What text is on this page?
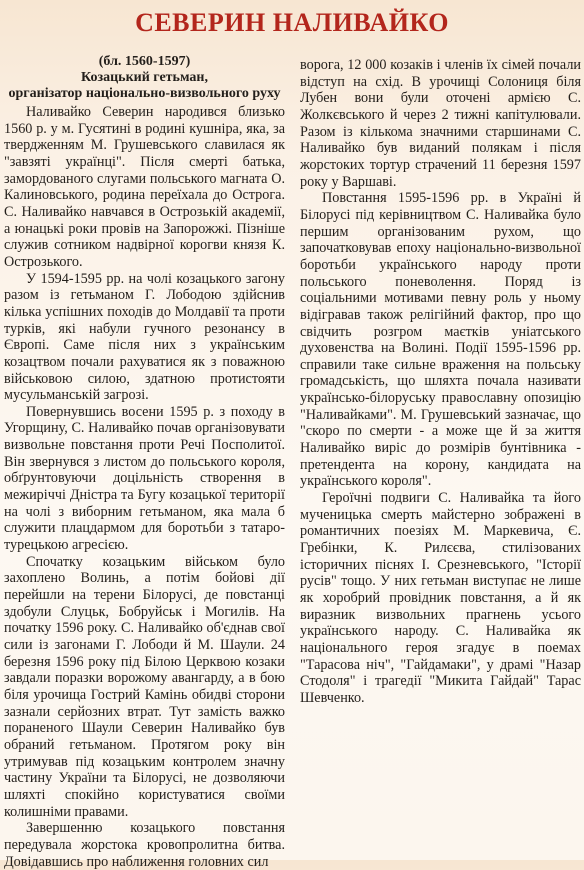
СЕВЕРИН НАЛИВАЙКО
(бл. 1560-1597)
Козацький гетьман,
організатор національно-визвольного руху

Наливайко Северин народився близько 1560 р. у м. Гусятині в родині кушніра, яка, за твердженням М. Грушевського славилася як "завзяті українці". Після смерті батька, замордованого слугами польського магната О. Калиновського, родина переїхала до Острога. С. Наливайко навчався в Острозькій академії, а юнацькі роки провів на Запорожжі. Пізніше служив сотником надвірної корогви князя К. Острозького.

У 1594-1595 рр. на чолі козацького загону разом із гетьманом Г. Лободою здійснив кілька успішних походів до Молдавії та проти турків, які набули гучного резонансу в Європі. Саме після них з українським козацтвом почали рахуватися як з поважною військовою силою, здатною протистояти мусульманській загрозі.

Повернувшись восени 1595 р. з походу в Угорщину, С. Наливайко почав організовувати визвольне повстання проти Речі Посполитої. Він звернувся з листом до польського короля, обґрунтовуючи доцільність створення в межиріччі Дністра та Бугу козацької території на чолі з виборним гетьманом, яка мала б служити плацдармом для боротьби з татаро-турецькою агресією.

Спочатку козацьким військом було захоплено Волинь, а потім бойові дії перейшли на терени Білорусі, де повстанці здобули Слуцьк, Бобруйськ і Могилів. На початку 1596 року. С. Наливайко об'єднав свої сили із загонами Г. Лободи й М. Шаули. 24 березня 1596 року під Білою Церквою козаки завдали поразки ворожому авангарду, а в бою біля урочища Гострий Камінь обидві сторони зазнали серйозних втрат. Тут замість важко пораненого Шаули Северин Наливайко був обраний гетьманом. Протягом року він утримував під козацьким контролем значну частину України та Білорусі, не дозволяючи шляхті спокійно користуватися своїми колишніми правами.

Завершенню козацького повстання передувала жорстока кровопролитна битва. Довідавшись про наближення головних сил

ворога, 12 000 козаків і членів їх сімей почали відступ на схід. В урочищі Солониця біля Лубен вони були оточені армією С. Жолкєвського й через 2 тижні капітулювали. Разом із кількома значними старшинами С. Наливайко був виданий полякам і після жорстоких тортур страчений 11 березня 1597 року у Варшаві.

Повстання 1595-1596 рр. в Україні й Білорусі під керівництвом С. Наливайка було першим організованим рухом, що започатковував епоху національно-визвольної боротьби українського народу проти польського поневолення. Поряд із соціальними мотивами певну роль у ньому відігравав також релігійний фактор, про що свідчить розгром маєтків уніатського духовенства на Волині. Події 1595-1596 рр. справили таке сильне враження на польську громадськість, що шляхта почала називати українсько-білоруську православну опозицію "Наливайками". М. Грушевський зазначає, що "скоро по смерти - а може ще й за життя Наливайко виріс до розмірів бунтівника - претендента на корону, кандидата на українського короля".

Героїчні подвиги С. Наливайка та його мученицька смерть майстерно зображені в романтичних поезіях М. Маркевича, Є. Гребінки, К. Рилєєва, стилізованих історичних піснях І. Срезневського, "Історії русів" тощо. У них гетьман виступає не лише як хоробрий провідник повстання, а й як виразник визвольних прагнень усього українського народу. С. Наливайка як національного героя згадує в поемах "Тарасова ніч", "Гайдамаки", у драмі "Назар Стодоля" і трагедії "Микита Гайдай" Тарас Шевченко.
